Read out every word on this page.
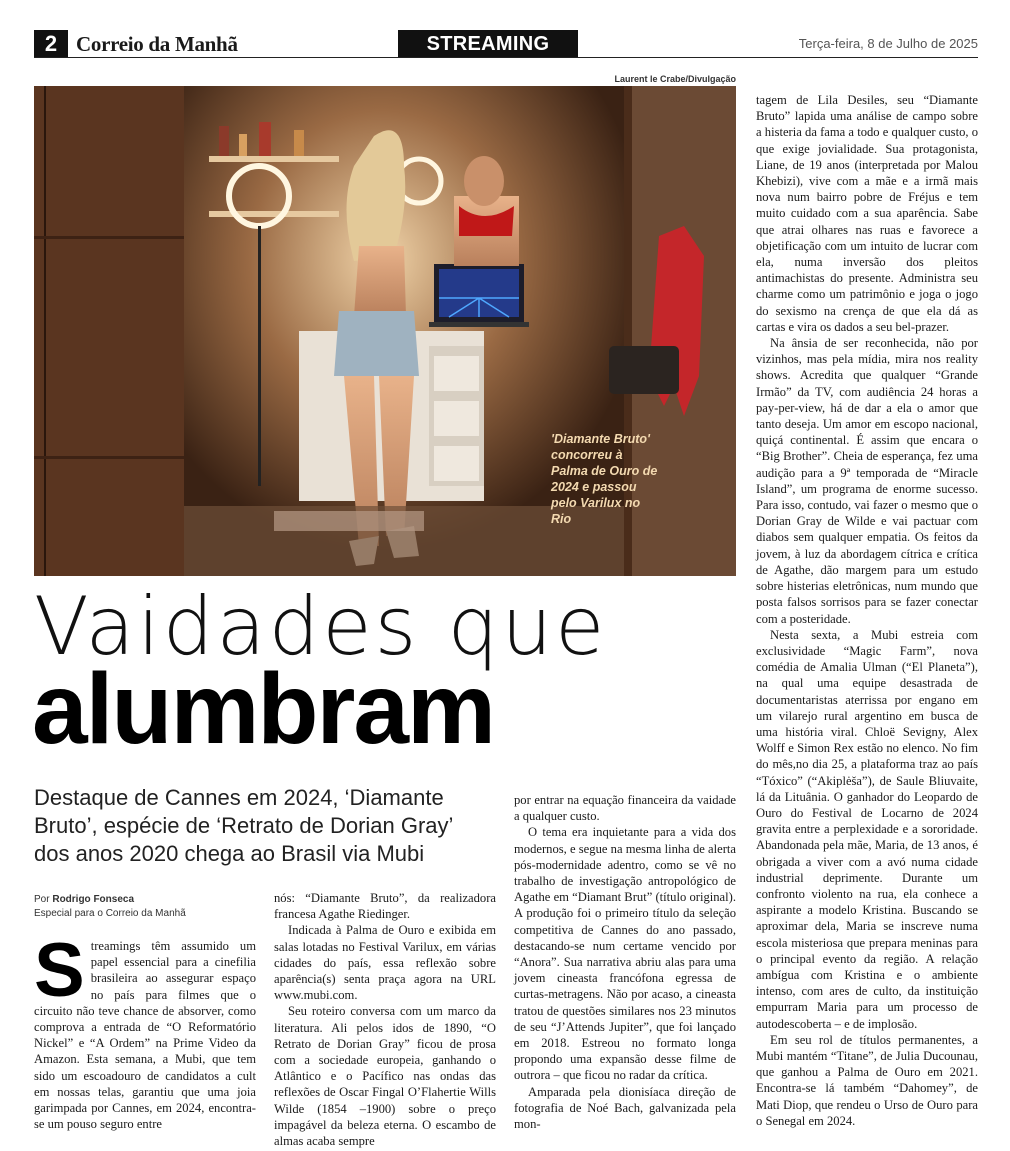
2 Correio da Manhã	STREAMING	Terça-feira, 8 de Julho de 2025
Laurent le Crabe/Divulgação
'Diamante Bruto' concorreu à Palma de Ouro de 2024 e passou pelo Varilux no Rio
Vaidades que
alumbram
Destaque de Cannes em 2024, ‘Diamante Bruto’, espécie de ‘Retrato de Dorian Gray’ dos anos 2020 chega ao Brasil via Mubi
Por Rodrigo Fonseca
Especial para o Correio da Manhã
S treamings têm assumido um papel essencial para a cinefilia brasileira ao assegurar espaço no país para filmes que o circuito não teve chance de absorver, como comprova a entrada de “O Reformatório Nickel” e “A Ordem” na Prime Video da Amazon. Esta semana, a Mubi, que tem sido um escoadouro de candidatos a cult em nossas telas, garantiu que uma joia garimpada por Cannes, em 2024, encontra-se um pouso seguro entre

nós: “Diamante Bruto”, da realizadora francesa Agathe Riedinger.

Indicada à Palma de Ouro e exibida em salas lotadas no Festival Varilux, em várias cidades do país, essa reflexão sobre aparência(s) senta praça agora na URL www.mubi.com.

Seu roteiro conversa com um marco da literatura. Ali pelos idos de 1890, “O Retrato de Dorian Gray” ficou de prosa com a sociedade europeia, ganhando o Atlântico e o Pacífico nas ondas das reflexões de Oscar Fingal O’Flahertie Wills Wilde (1854 –1900) sobre o preço impagável da beleza eterna. O escambo de almas acaba sempre

por entrar na equação financeira da vaidade a qualquer custo.

O tema era inquietante para a vida dos modernos, e segue na mesma linha de alerta pós-modernidade adentro, como se vê no trabalho de investigação antropológico de Agathe em “Diamant Brut” (título original). A produção foi o primeiro título da seleção competitiva de Cannes do ano passado, destacando-se num certame vencido por “Anora”. Sua narrativa abriu alas para uma jovem cineasta francófona egressa de curtas-metragens. Não por acaso, a cineasta tratou de questões similares nos 23 minutos de seu “J’Attends Jupiter”, que foi lançado em 2018. Estreou no formato longa propondo uma expansão desse filme de outrora – que ficou no radar da crítica.

Amparada pela dionisíaca direção de fotografia de Noé Bach, galvanizada pela mon-

tagem de Lila Desiles, seu “Diamante Bruto” lapida uma análise de campo sobre a histeria da fama a todo e qualquer custo, o que exige jovialidade. Sua protagonista, Liane, de 19 anos (interpretada por Malou Khebizi), vive com a mãe e a irmã mais nova num bairro pobre de Fréjus e tem muito cuidado com a sua aparência. Sabe que atrai olhares nas ruas e favorece a objetificação com um intuito de lucrar com ela, numa inversão dos pleitos antimachistas do presente. Administra seu charme como um patrimônio e joga o jogo do sexismo na crença de que ela dá as cartas e vira os dados a seu bel-prazer.

Na ânsia de ser reconhecida, não por vizinhos, mas pela mídia, mira nos reality shows. Acredita que qualquer “Grande Irmão” da TV, com audiência 24 horas a pay-per-view, há de dar a ela o amor que tanto deseja. Um amor em escopo nacional, quiçá continental. É assim que encara o “Big Brother”. Cheia de esperança, fez uma audição para a 9ª temporada de “Miracle Island”, um programa de enorme sucesso. Para isso, contudo, vai fazer o mesmo que o Dorian Gray de Wilde e vai pactuar com diabos sem qualquer empatia. Os feitos da jovem, à luz da abordagem cítrica e crítica de Agathe, dão margem para um estudo sobre histerias eletrônicas, num mundo que posta falsos sorrisos para se fazer conectar com a posteridade.

Nesta sexta, a Mubi estreia com exclusividade “Magic Farm”, nova comédia de Amalia Ulman (“El Planeta”), na qual uma equipe desastrada de documentaristas aterrissa por engano em um vilarejo rural argentino em busca de uma história viral. Chloë Sevigny, Alex Wolff e Simon Rex estão no elenco. No fim do mês,no dia 25, a plataforma traz ao país “Tóxico” (“Akiplėša”), de Saule Bliuvaite, lá da Lituânia. O ganhador do Leopardo de Ouro do Festival de Locarno de 2024 gravita entre a perplexidade e a sororidade. Abandonada pela mãe, Maria, de 13 anos, é obrigada a viver com a avó numa cidade industrial deprimente. Durante um confronto violento na rua, ela conhece a aspirante a modelo Kristina. Buscando se aproximar dela, Maria se inscreve numa escola misteriosa que prepara meninas para o principal evento da região. A relação ambígua com Kristina e o ambiente intenso, com ares de culto, da instituição empurram Maria para um processo de autodescoberta – e de implosão.

Em seu rol de títulos permanentes, a Mubi mantém “Titane”, de Julia Ducounau, que ganhou a Palma de Ouro em 2021. Encontra-se lá também “Dahomey”, de Mati Diop, que rendeu o Urso de Ouro para o Senegal em 2024.
